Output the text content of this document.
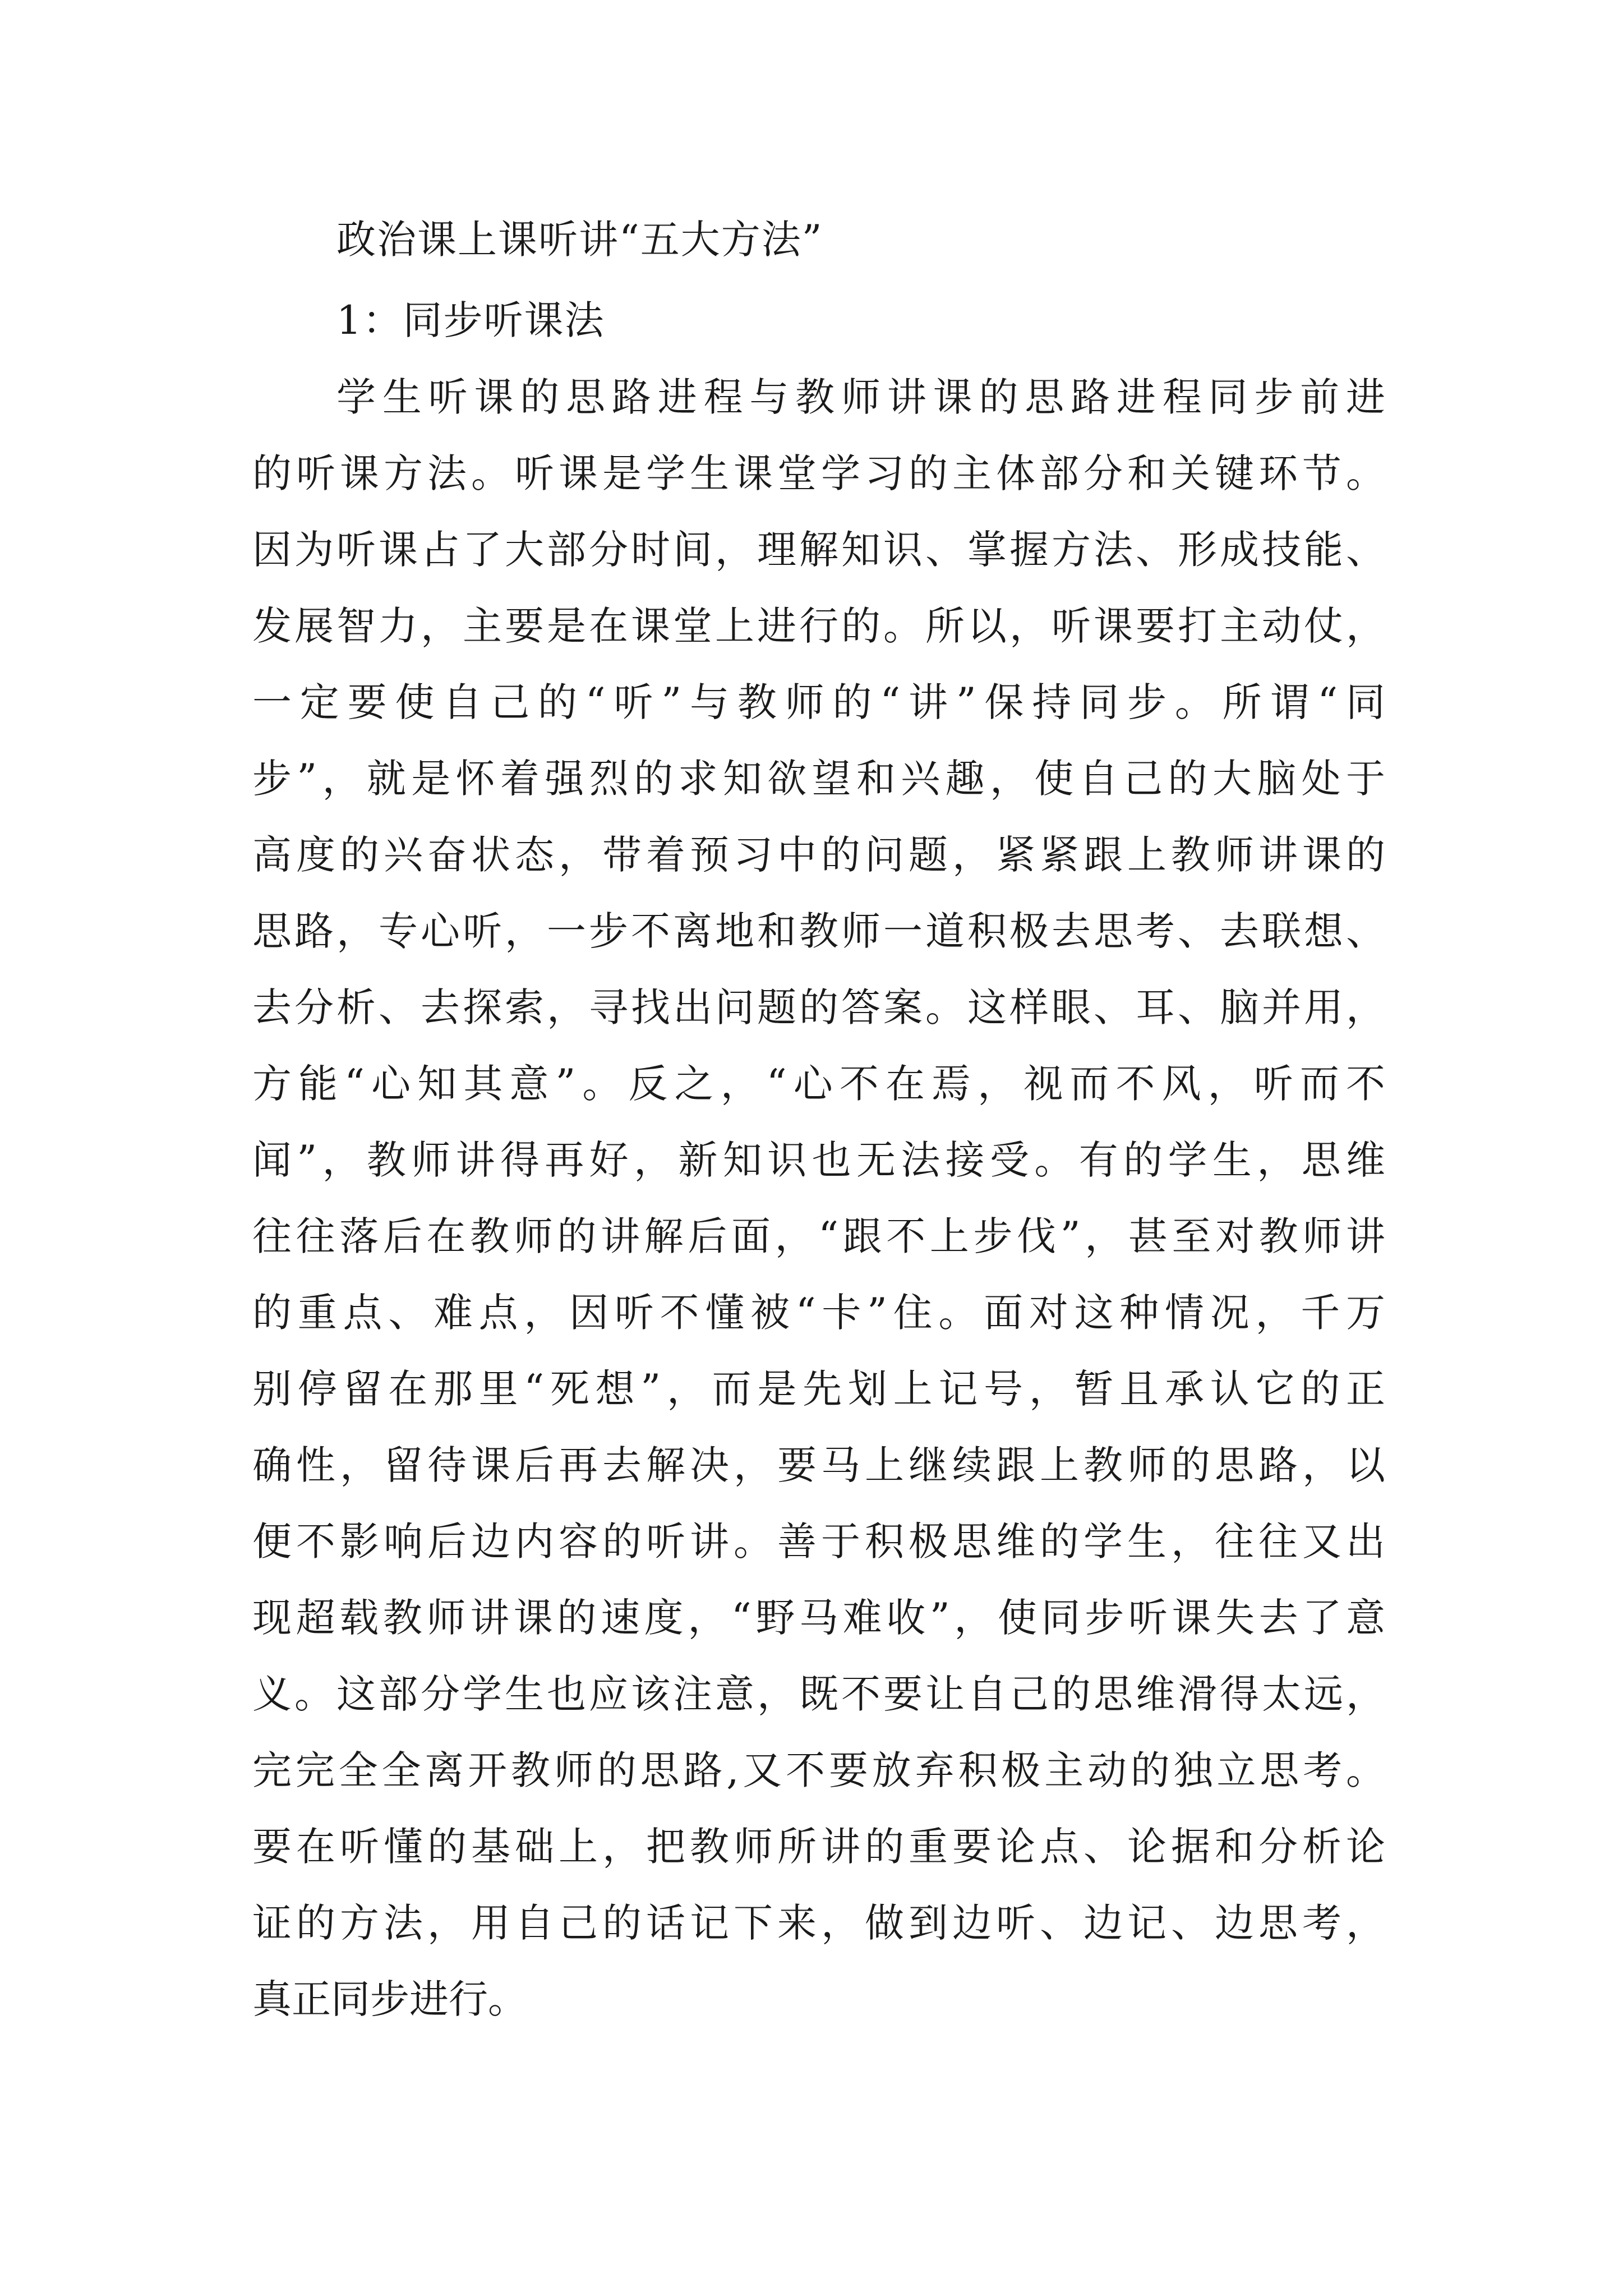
政治课上课听讲“五大方法”
1：同步听课法
学生听课的思路进程与教师讲课的思路进程同步前进
的听课方法。听课是学生课堂学习的主体部分和关键环节。
因为听课占了大部分时间，理解知识、掌握方法、形成技能、
发展智力，主要是在课堂上进行的。所以，听课要打主动仗，
一定要使自己的“听”与教师的“讲”保持同步。所谓“同
步”，就是怀着强烈的求知欲望和兴趣，使自己的大脑处于
高度的兴奋状态，带着预习中的问题，紧紧跟上教师讲课的
思路，专心听，一步不离地和教师一道积极去思考、去联想、
去分析、去探索，寻找出问题的答案。这样眼、耳、脑并用，
方能“心知其意”。反之，“心不在焉，视而不风，听而不
闻”，教师讲得再好，新知识也无法接受。有的学生，思维
往往落后在教师的讲解后面，“跟不上步伐”，甚至对教师讲
的重点、难点，因听不懂被“卡”住。面对这种情况，千万
别停留在那里“死想”，而是先划上记号，暂且承认它的正
确性，留待课后再去解决，要马上继续跟上教师的思路，以
便不影响后边内容的听讲。善于积极思维的学生，往往又出
现超载教师讲课的速度，“野马难收”，使同步听课失去了意
义。这部分学生也应该注意，既不要让自己的思维滑得太远，
完完全全离开教师的思路,又不要放弃积极主动的独立思考。
要在听懂的基础上，把教师所讲的重要论点、论据和分析论
证的方法，用自己的话记下来，做到边听、边记、边思考，
真正同步进行。
